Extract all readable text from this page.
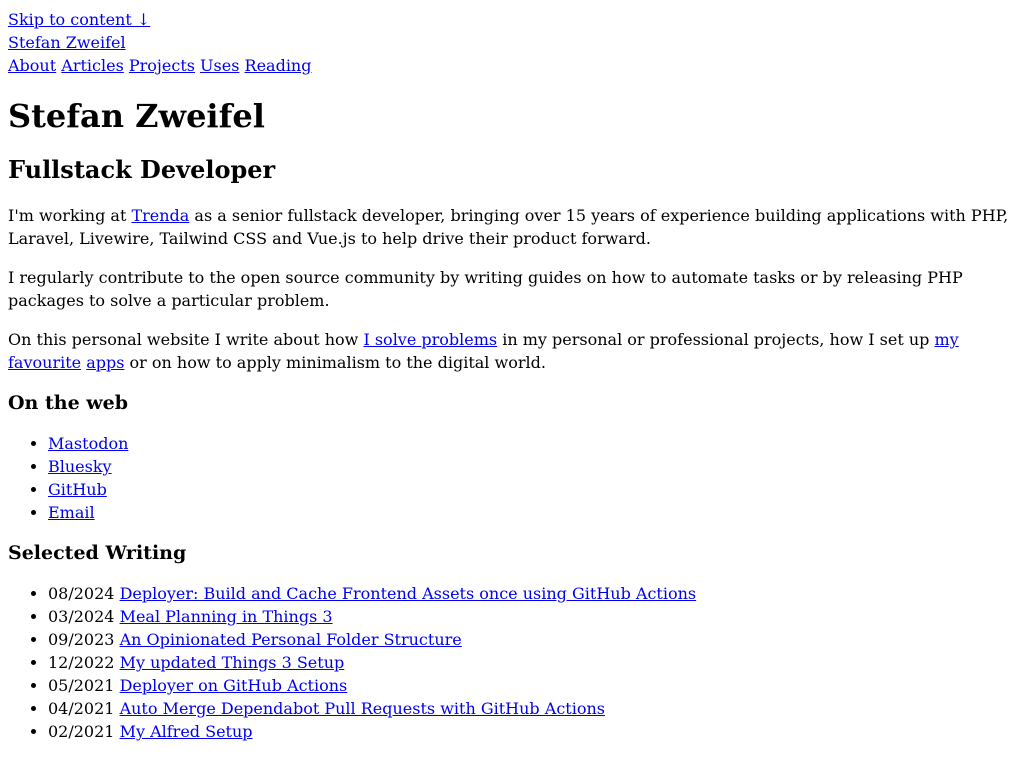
Skip to content ↓
Stefan Zweifel
About Articles Projects Uses Reading
Stefan Zweifel
Fullstack Developer

I'm working at Trenda as a senior fullstack developer, bringing over 15 years of experience building applications with PHP, Laravel, Livewire, Tailwind CSS and Vue.js to help drive their product forward.

I regularly contribute to the open source community by writing guides on how to automate tasks or by releasing PHP packages to solve a particular problem.

On this personal website I write about how I solve problems in my personal or professional projects, how I set up my favourite apps or on how to apply minimalism to the digital world.

On the web
• Mastodon
• Bluesky
• GitHub
• Email
Selected Writing
• 08/2024 Deployer: Build and Cache Frontend Assets once using GitHub Actions
• 03/2024 Meal Planning in Things 3
• 09/2023 An Opinionated Personal Folder Structure
• 12/2022 My updated Things 3 Setup
• 05/2021 Deployer on GitHub Actions
• 04/2021 Auto Merge Dependabot Pull Requests with GitHub Actions
• 02/2021 My Alfred Setup
